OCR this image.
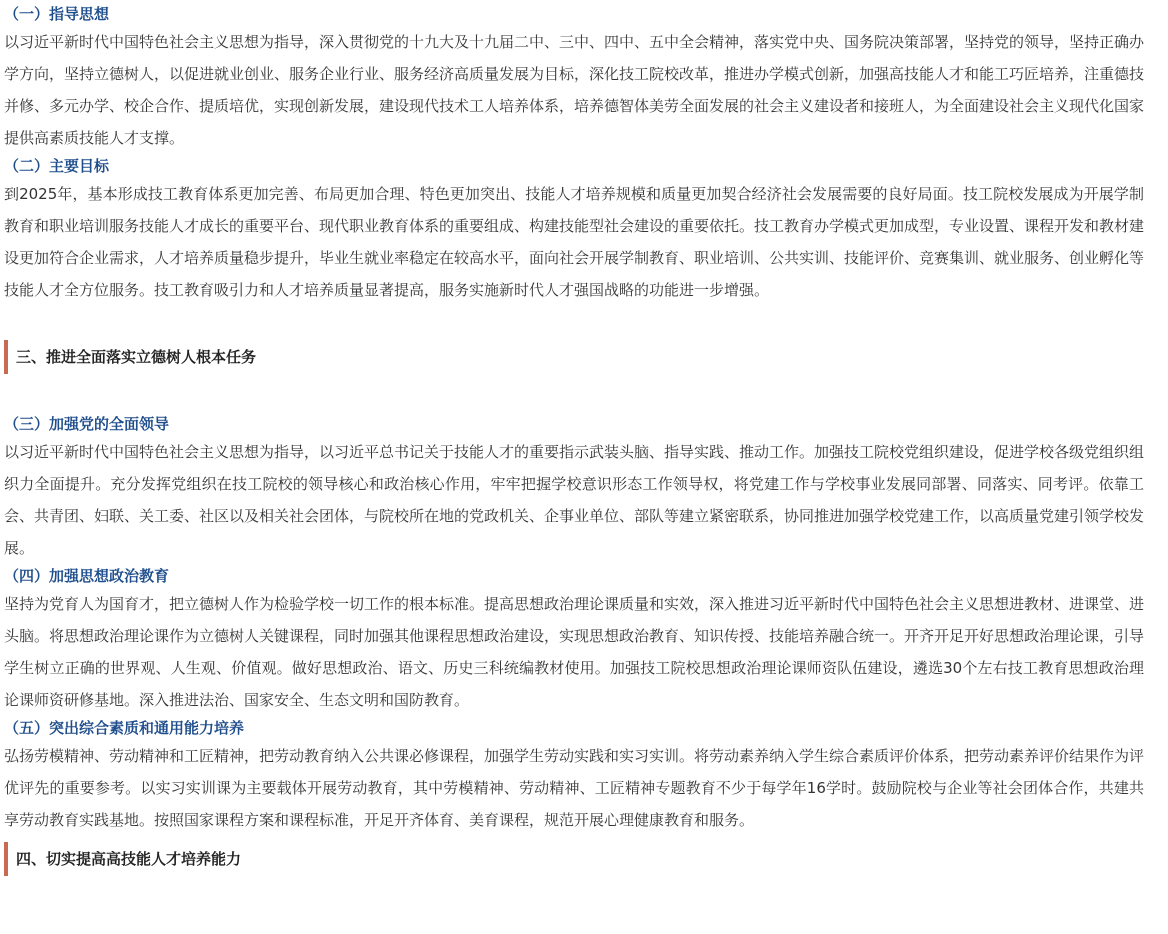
（一）指导思想

以习近平新时代中国特色社会主义思想为指导，深入贯彻党的十九大及十九届二中、三中、四中、五中全会精神，落实党中央、国务院决策部署，坚持党的领导，坚持正确办学方向，坚持立德树人，以促进就业创业、服务企业行业、服务经济高质量发展为目标，深化技工院校改革，推进办学模式创新，加强高技能人才和能工巧匠培养，注重德技并修、多元办学、校企合作、提质培优，实现创新发展，建设现代技术工人培养体系，培养德智体美劳全面发展的社会主义建设者和接班人，为全面建设社会主义现代化国家提供高素质技能人才支撑。

（二）主要目标

到2025年，基本形成技工教育体系更加完善、布局更加合理、特色更加突出、技能人才培养规模和质量更加契合经济社会发展需要的良好局面。技工院校发展成为开展学制教育和职业培训服务技能人才成长的重要平台、现代职业教育体系的重要组成、构建技能型社会建设的重要依托。技工教育办学模式更加成型，专业设置、课程开发和教材建设更加符合企业需求，人才培养质量稳步提升，毕业生就业率稳定在较高水平，面向社会开展学制教育、职业培训、公共实训、技能评价、竞赛集训、就业服务、创业孵化等技能人才全方位服务。技工教育吸引力和人才培养质量显著提高，服务实施新时代人才强国战略的功能进一步增强。

三、推进全面落实立德树人根本任务
（三）加强党的全面领导

以习近平新时代中国特色社会主义思想为指导，以习近平总书记关于技能人才的重要指示武装头脑、指导实践、推动工作。加强技工院校党组织建设，促进学校各级党组织组织力全面提升。充分发挥党组织在技工院校的领导核心和政治核心作用，牢牢把握学校意识形态工作领导权，将党建工作与学校事业发展同部署、同落实、同考评。依靠工会、共青团、妇联、关工委、社区以及相关社会团体，与院校所在地的党政机关、企事业单位、部队等建立紧密联系，协同推进加强学校党建工作，以高质量党建引领学校发展。

（四）加强思想政治教育

坚持为党育人为国育才，把立德树人作为检验学校一切工作的根本标准。提高思想政治理论课质量和实效，深入推进习近平新时代中国特色社会主义思想进教材、进课堂、进头脑。将思想政治理论课作为立德树人关键课程，同时加强其他课程思想政治建设，实现思想政治教育、知识传授、技能培养融合统一。开齐开足开好思想政治理论课，引导学生树立正确的世界观、人生观、价值观。做好思想政治、语文、历史三科统编教材使用。加强技工院校思想政治理论课师资队伍建设，遴选30个左右技工教育思想政治理论课师资研修基地。深入推进法治、国家安全、生态文明和国防教育。

（五）突出综合素质和通用能力培养

弘扬劳模精神、劳动精神和工匠精神，把劳动教育纳入公共课必修课程，加强学生劳动实践和实习实训。将劳动素养纳入学生综合素质评价体系，把劳动素养评价结果作为评优评先的重要参考。以实习实训课为主要载体开展劳动教育，其中劳模精神、劳动精神、工匠精神专题教育不少于每学年16学时。鼓励院校与企业等社会团体合作，共建共享劳动教育实践基地。按照国家课程方案和课程标准，开足开齐体育、美育课程，规范开展心理健康教育和服务。

四、切实提高高技能人才培养能力
